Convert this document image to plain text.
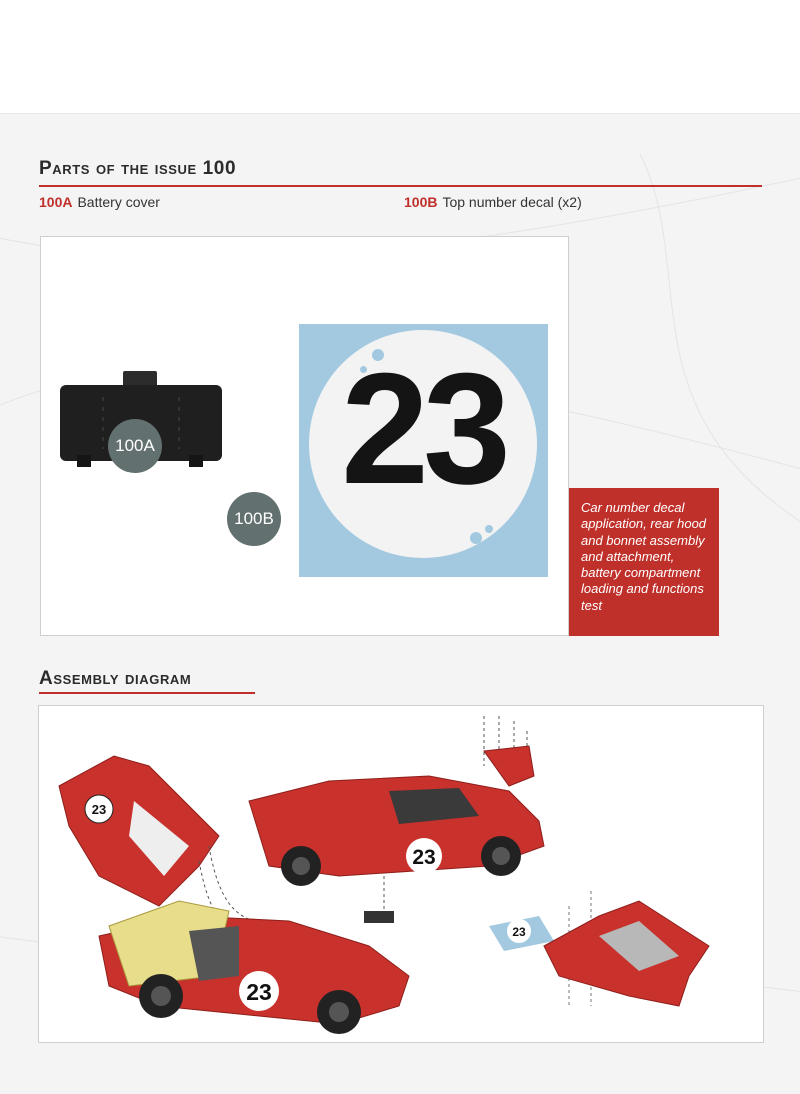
Parts of the issue 100
100A Battery cover	100B Top number decal (x2)
100A 23
100B
Car number decal application, rear hood and bonnet assembly and attachment, battery compartment loading and functions test
Assembly diagram
23
23
23
23
